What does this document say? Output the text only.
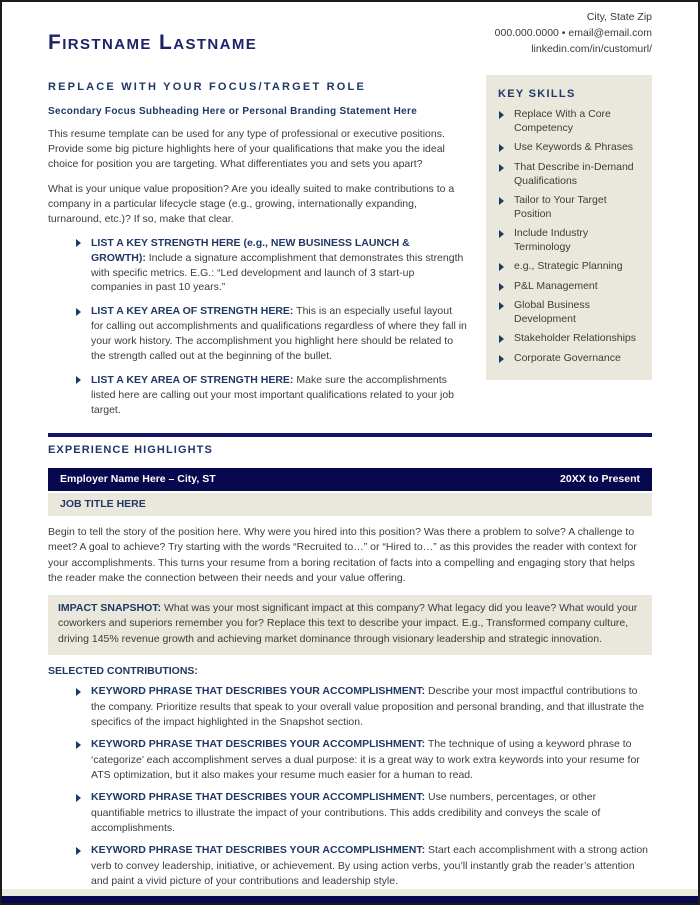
Firstname Lastname
City, State Zip
000.000.0000 • email@email.com
linkedin.com/in/customurl/
REPLACE WITH YOUR FOCUS/TARGET ROLE
Secondary Focus Subheading Here or Personal Branding Statement Here

This resume template can be used for any type of professional or executive positions. Provide some big picture highlights here of your qualifications that make you the ideal choice for position you are targeting. What differentiates you and sets you apart?

What is your unique value proposition? Are you ideally suited to make contributions to a company in a particular lifecycle stage (e.g., growing, internationally expanding, turnaround, etc.)? If so, make that clear.

LIST A KEY STRENGTH HERE (e.g., NEW BUSINESS LAUNCH & GROWTH): Include a signature accomplishment that demonstrates this strength with specific metrics. E.G.: “Led development and launch of 3 start-up companies in past 10 years.”
LIST A KEY AREA OF STRENGTH HERE: This is an especially useful layout for calling out accomplishments and qualifications regardless of where they fall in your work history. The accomplishment you highlight here should be related to the strength called out at the beginning of the bullet.
LIST A KEY AREA OF STRENGTH HERE: Make sure the accomplishments listed here are calling out your most important qualifications related to your job target.
KEY SKILLS
Replace With a Core Competency
Use Keywords & Phrases
That Describe in-Demand Qualifications
Tailor to Your Target Position
Include Industry Terminology
e.g., Strategic Planning
P&L Management
Global Business Development
Stakeholder Relationships
Corporate Governance
EXPERIENCE HIGHLIGHTS
Employer Name Here – City, ST	20XX to Present
JOB TITLE HERE

Begin to tell the story of the position here. Why were you hired into this position? Was there a problem to solve? A challenge to meet? A goal to achieve? Try starting with the words “Recruited to…” or “Hired to…” as this provides the reader with context for your accomplishments. This turns your resume from a boring recitation of facts into a compelling and engaging story that helps the reader make the connection between their needs and your value offering.

IMPACT SNAPSHOT: What was your most significant impact at this company? What legacy did you leave? What would your coworkers and superiors remember you for? Replace this text to describe your impact. E.g., Transformed company culture, driving 145% revenue growth and achieving market dominance through visionary leadership and strategic innovation.
SELECTED CONTRIBUTIONS:
KEYWORD PHRASE THAT DESCRIBES YOUR ACCOMPLISHMENT: Describe your most impactful contributions to the company. Prioritize results that speak to your overall value proposition and personal branding, and that illustrate the specifics of the impact highlighted in the Snapshot section.
KEYWORD PHRASE THAT DESCRIBES YOUR ACCOMPLISHMENT: The technique of using a keyword phrase to ‘categorize’ each accomplishment serves a dual purpose: it is a great way to work extra keywords into your resume for ATS optimization, but it also makes your resume much easier for a human to read.
KEYWORD PHRASE THAT DESCRIBES YOUR ACCOMPLISHMENT: Use numbers, percentages, or other quantifiable metrics to illustrate the impact of your contributions. This adds credibility and conveys the scale of accomplishments.
KEYWORD PHRASE THAT DESCRIBES YOUR ACCOMPLISHMENT: Start each accomplishment with a strong action verb to convey leadership, initiative, or achievement. By using action verbs, you’ll instantly grab the reader’s attention and paint a vivid picture of your contributions and leadership style.
